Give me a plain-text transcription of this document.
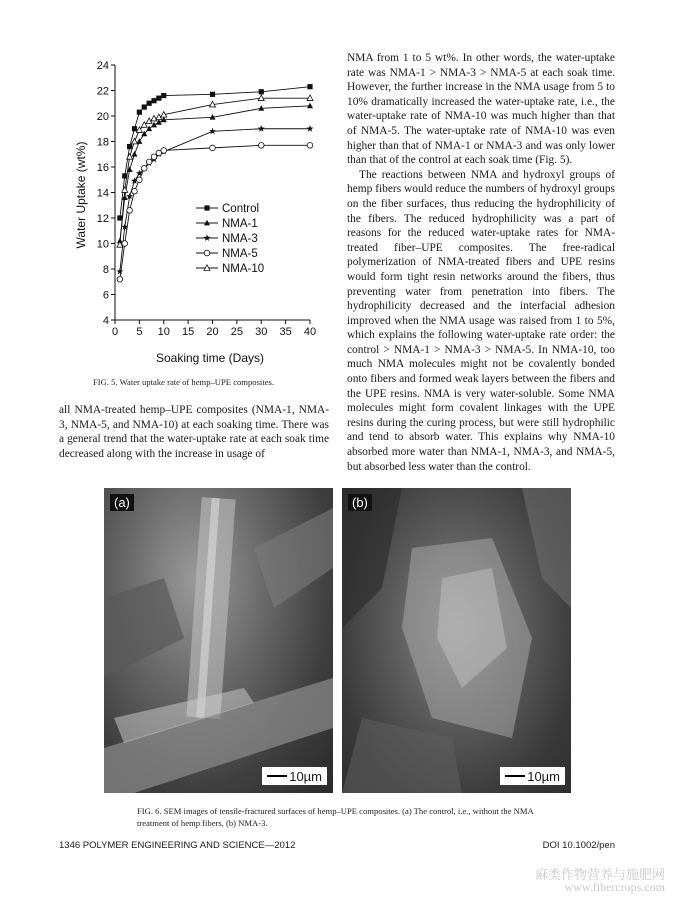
0 5 10 15 20 25 30 35 40
4
6
8
10
12
14
16
18
20
22
24
Control
NMA-1
NMA-3
NMA-5
NMA-10
Water Uptake (wt%)
Soaking time (Days)
FIG. 5. Water uptake rate of hemp–UPE composites.

all NMA-treated hemp–UPE composites (NMA-1, NMA-3, NMA-5, and NMA-10) at each soaking time. There was a general trend that the water-uptake rate at each soak time decreased along with the increase in usage of

NMA from 1 to 5 wt%. In other words, the water-uptake rate was NMA-1 > NMA-3 > NMA-5 at each soak time. However, the further increase in the NMA usage from 5 to 10% dramatically increased the water-uptake rate, i.e., the water-uptake rate of NMA-10 was much higher than that of NMA-5. The water-uptake rate of NMA-10 was even higher than that of NMA-1 or NMA-3 and was only lower than that of the control at each soak time (Fig. 5).

The reactions between NMA and hydroxyl groups of hemp fibers would reduce the numbers of hydroxyl groups on the fiber surfaces, thus reducing the hydrophilicity of the fibers. The reduced hydrophilicity was a part of reasons for the reduced water-uptake rates for NMA-treated fiber–UPE composites. The free-radical polymerization of NMA-treated fibers and UPE resins would form tight resin networks around the fibers, thus preventing water from penetration into fibers. The hydrophilicity decreased and the interfacial adhesion improved when the NMA usage was raised from 1 to 5%, which explains the following water-uptake rate order: the control > NMA-1 > NMA-3 > NMA-5. In NMA-10, too much NMA molecules might not be covalently bonded onto fibers and formed weak layers between the fibers and the UPE resins. NMA is very water-soluble. Some NMA molecules might form covalent linkages with the UPE resins during the curing process, but were still hydrophilic and tend to absorb water. This explains why NMA-10 absorbed more water than NMA-1, NMA-3, and NMA-5, but absorbed less water than the control.

(a)
10µm
(b)
10µm
FIG. 6. SEM images of tensile-fractured surfaces of hemp–UPE composites. (a) The control, i.e., without the NMA treatment of hemp fibers, (b) NMA-3.
1346 POLYMER ENGINEERING AND SCIENCE—2012	DOI 10.1002/pen
麻类作物营养与施肥网
www.fibercrops.com
